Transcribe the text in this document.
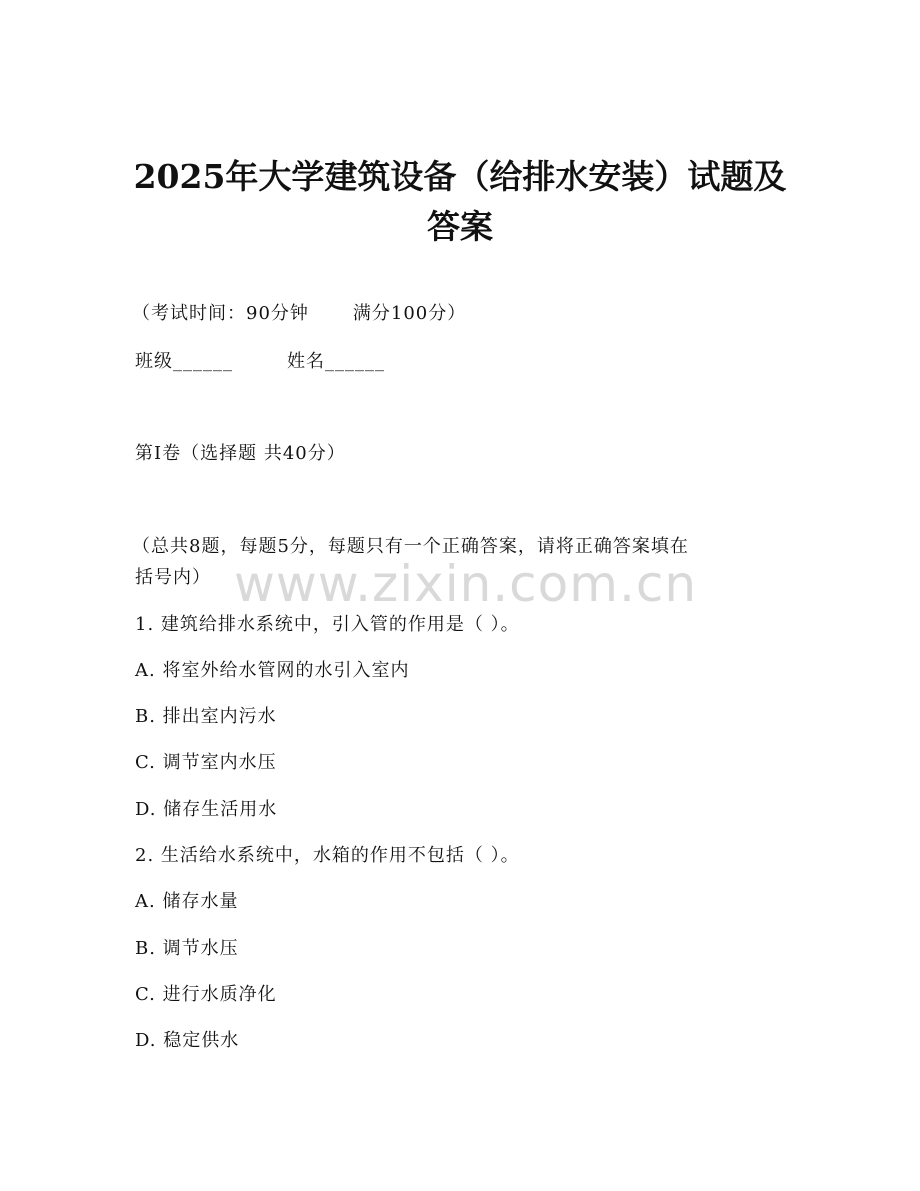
www.zixin.com.cn
2025年大学建筑设备（给排水安装）试题及
答案
（考试时间：90分钟 满分100分）
班级______	姓名______
第I卷（选择题 共40分）
（总共8题，每题5分，每题只有一个正确答案，请将正确答案填在
括号内）
1. 建筑给排水系统中，引入管的作用是（ ）。
A. 将室外给水管网的水引入室内
B. 排出室内污水
C. 调节室内水压
D. 储存生活用水
2. 生活给水系统中，水箱的作用不包括（ ）。
A. 储存水量
B. 调节水压
C. 进行水质净化
D. 稳定供水
